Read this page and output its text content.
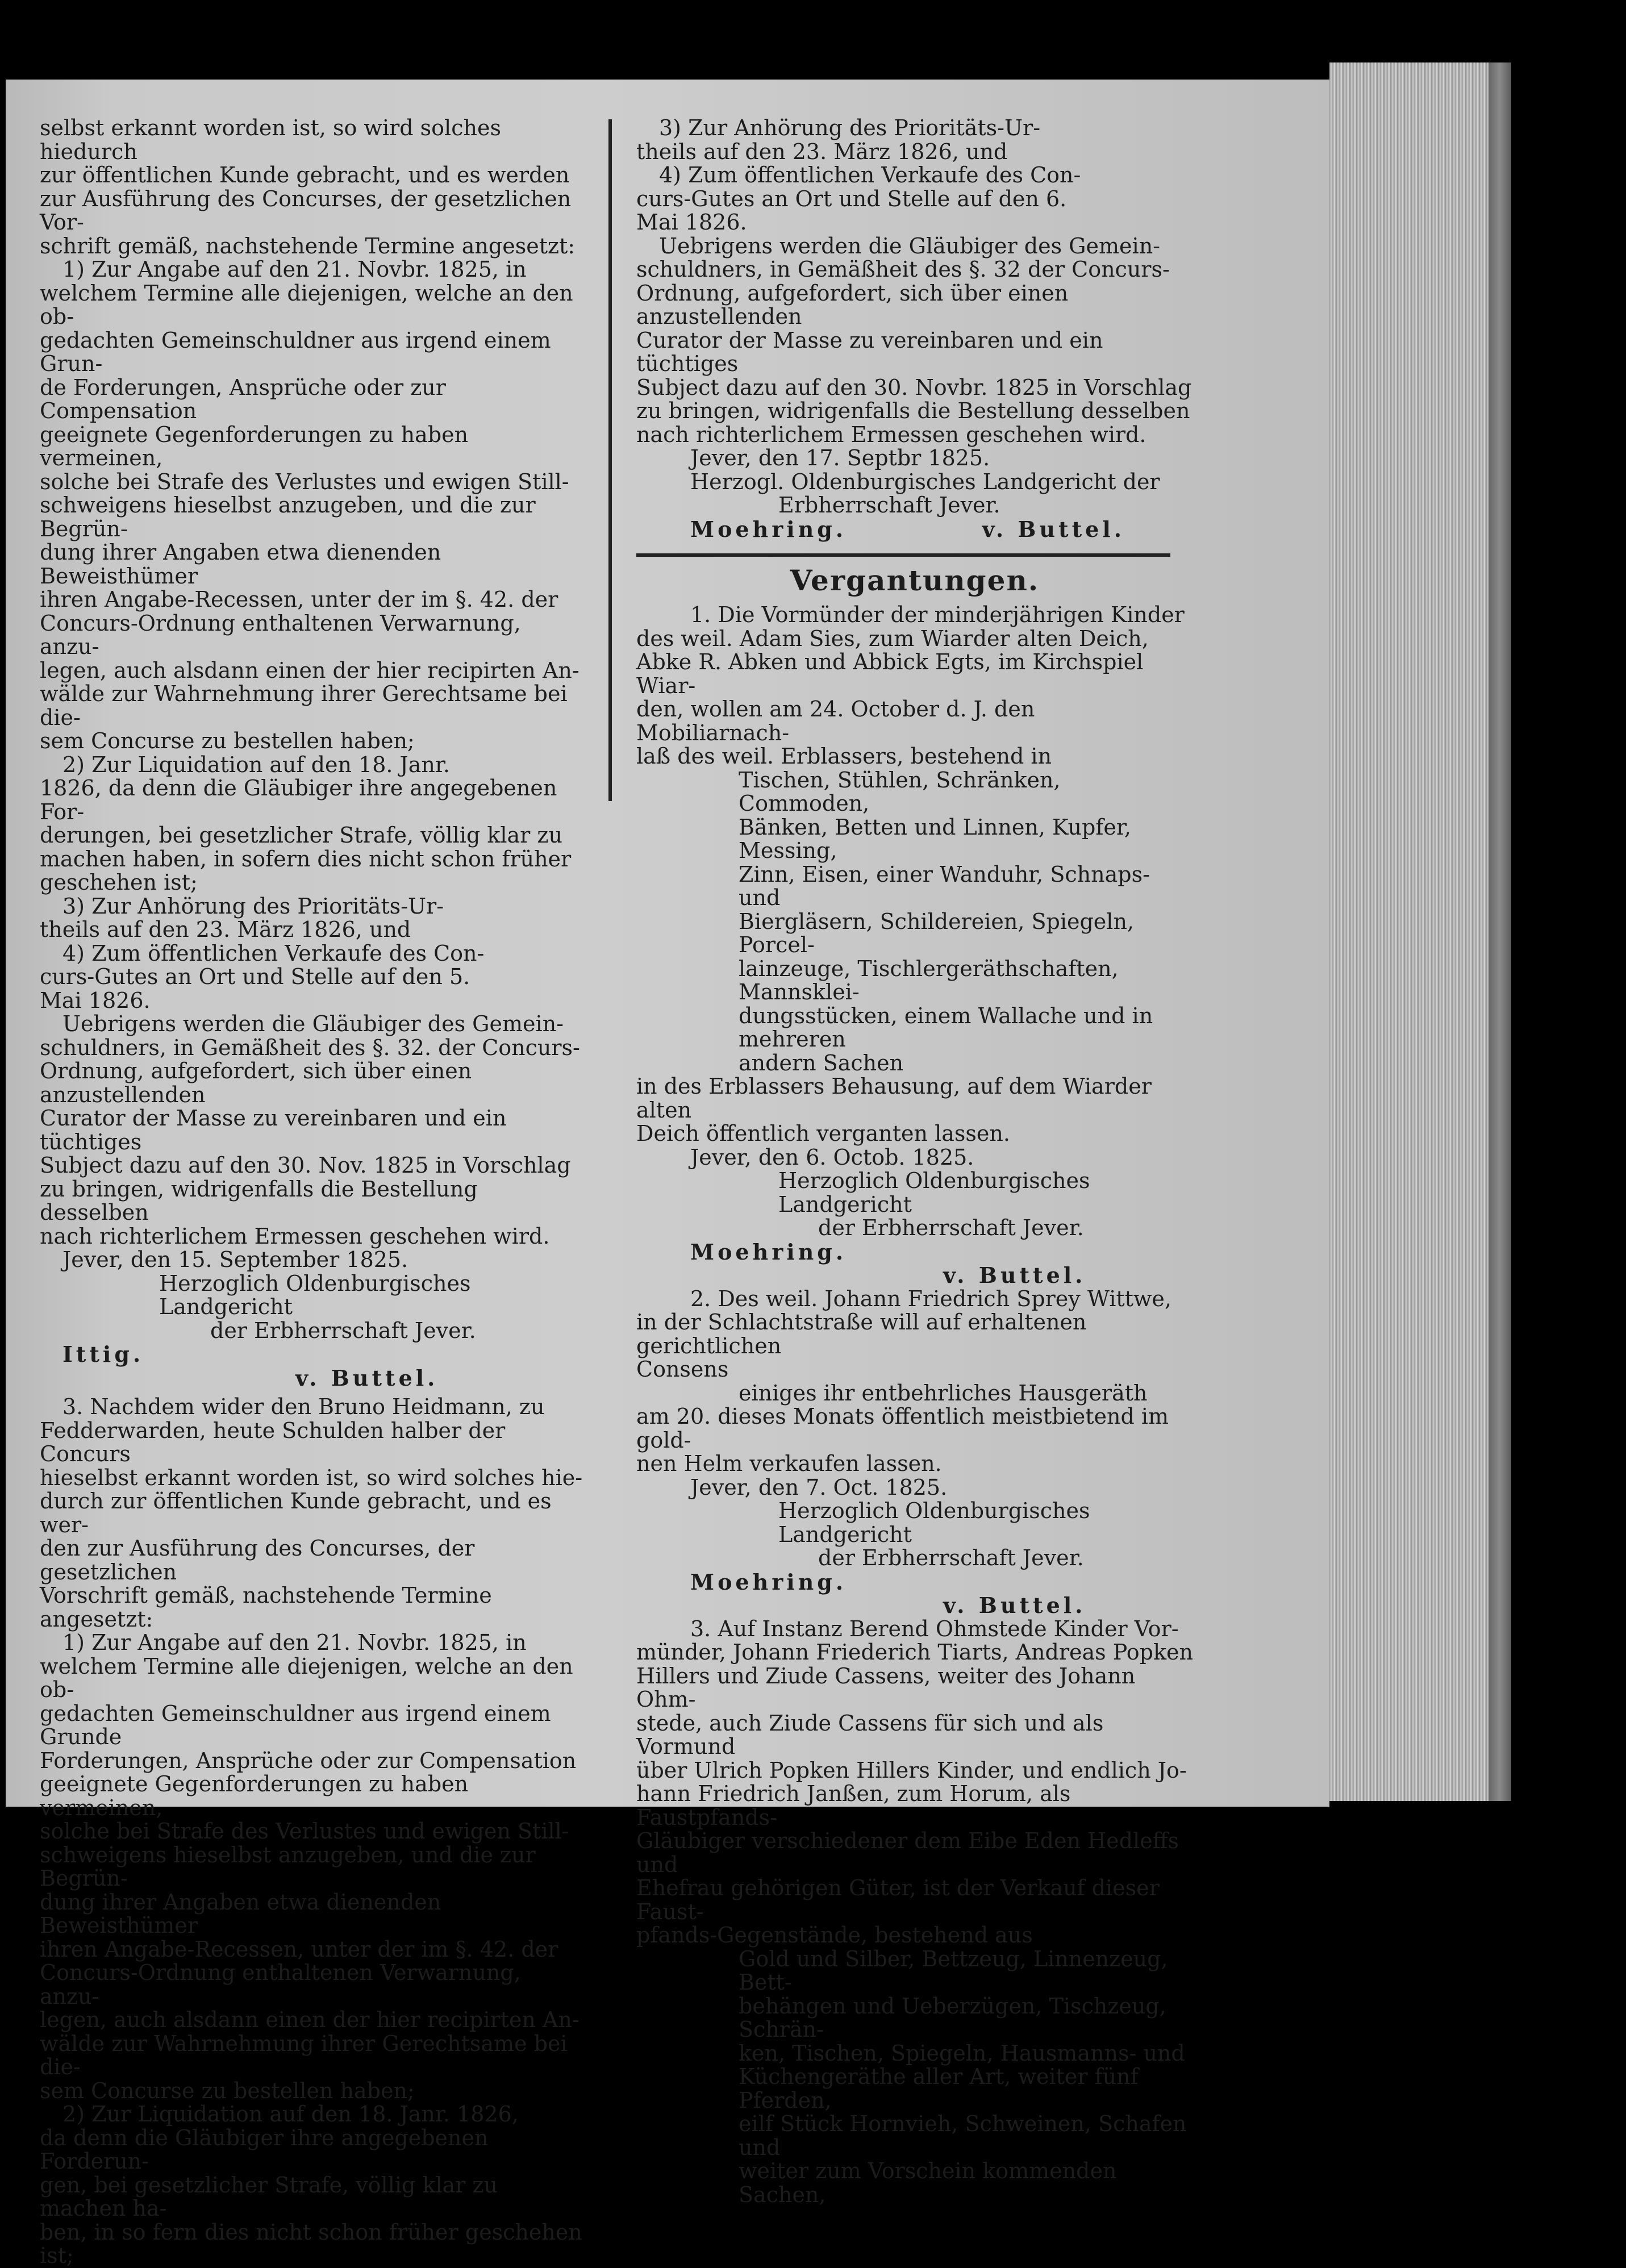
selbst erkannt worden ist, so wird solches hiedurch

zur öffentlichen Kunde gebracht, und es werden

zur Ausführung des Concurses, der gesetzlichen Vor-

schrift gemäß, nachstehende Termine angesetzt:

1) Zur Angabe auf den 21. Novbr. 1825, in

welchem Termine alle diejenigen, welche an den ob-

gedachten Gemeinschuldner aus irgend einem Grun-

de Forderungen, Ansprüche oder zur Compensation

geeignete Gegenforderungen zu haben vermeinen,

solche bei Strafe des Verlustes und ewigen Still-

schweigens hieselbst anzugeben, und die zur Begrün-

dung ihrer Angaben etwa dienenden Beweisthümer

ihren Angabe-Recessen, unter der im §. 42. der

Concurs-Ordnung enthaltenen Verwarnung, anzu-

legen, auch alsdann einen der hier recipirten An-

wälde zur Wahrnehmung ihrer Gerechtsame bei die-

sem Concurse zu bestellen haben;

2) Zur Liquidation auf den 18. Janr.

1826, da denn die Gläubiger ihre angegebenen For-

derungen, bei gesetzlicher Strafe, völlig klar zu

machen haben, in sofern dies nicht schon früher

geschehen ist;

3) Zur Anhörung des Prioritäts-Ur-

theils auf den 23. März 1826, und

4) Zum öffentlichen Verkaufe des Con-

curs-Gutes an Ort und Stelle auf den 5.

Mai 1826.

Uebrigens werden die Gläubiger des Gemein-

schuldners, in Gemäßheit des §. 32. der Concurs-

Ordnung, aufgefordert, sich über einen anzustellenden

Curator der Masse zu vereinbaren und ein tüchtiges

Subject dazu auf den 30. Nov. 1825 in Vorschlag

zu bringen, widrigenfalls die Bestellung desselben

nach richterlichem Ermessen geschehen wird.

Jever, den 15. September 1825.

Herzoglich Oldenburgisches Landgericht

der Erbherrschaft Jever.

Ittig.

v. Buttel.

3. Nachdem wider den Bruno Heidmann, zu

Fedderwarden, heute Schulden halber der Concurs

hieselbst erkannt worden ist, so wird solches hie-

durch zur öffentlichen Kunde gebracht, und es wer-

den zur Ausführung des Concurses, der gesetzlichen

Vorschrift gemäß, nachstehende Termine angesetzt:

1) Zur Angabe auf den 21. Novbr. 1825, in

welchem Termine alle diejenigen, welche an den ob-

gedachten Gemeinschuldner aus irgend einem Grunde

Forderungen, Ansprüche oder zur Compensation

geeignete Gegenforderungen zu haben vermeinen,

solche bei Strafe des Verlustes und ewigen Still-

schweigens hieselbst anzugeben, und die zur Begrün-

dung ihrer Angaben etwa dienenden Beweisthümer

ihren Angabe-Recessen, unter der im §. 42. der

Concurs-Ordnung enthaltenen Verwarnung, anzu-

legen, auch alsdann einen der hier recipirten An-

wälde zur Wahrnehmung ihrer Gerechtsame bei die-

sem Concurse zu bestellen haben;

2) Zur Liquidation auf den 18. Janr. 1826,

da denn die Gläubiger ihre angegebenen Forderun-

gen, bei gesetzlicher Strafe, völlig klar zu machen ha-

ben, in so fern dies nicht schon früher geschehen ist;

3) Zur Anhörung des Prioritäts-Ur-

theils auf den 23. März 1826, und

4) Zum öffentlichen Verkaufe des Con-

curs-Gutes an Ort und Stelle auf den 6.

Mai 1826.

Uebrigens werden die Gläubiger des Gemein-

schuldners, in Gemäßheit des §. 32 der Concurs-

Ordnung, aufgefordert, sich über einen anzustellenden

Curator der Masse zu vereinbaren und ein tüchtiges

Subject dazu auf den 30. Novbr. 1825 in Vorschlag

zu bringen, widrigenfalls die Bestellung desselben

nach richterlichem Ermessen geschehen wird.

Jever, den 17. Septbr 1825.

Herzogl. Oldenburgisches Landgericht der

Erbherrschaft Jever.

Moehring.	v. Buttel.
Vergantungen.

1. Die Vormünder der minderjährigen Kinder

des weil. Adam Sies, zum Wiarder alten Deich,

Abke R. Abken und Abbick Egts, im Kirchspiel Wiar-

den, wollen am 24. October d. J. den Mobiliarnach-

laß des weil. Erblassers, bestehend in

Tischen, Stühlen, Schränken, Commoden,

Bänken, Betten und Linnen, Kupfer, Messing,

Zinn, Eisen, einer Wanduhr, Schnaps- und

Biergläsern, Schildereien, Spiegeln, Porcel-

lainzeuge, Tischlergeräthschaften, Mannsklei-

dungsstücken, einem Wallache und in mehreren

andern Sachen

in des Erblassers Behausung, auf dem Wiarder alten

Deich öffentlich verganten lassen.

Jever, den 6. Octob. 1825.

Herzoglich Oldenburgisches Landgericht

der Erbherrschaft Jever.

Moehring.

v. Buttel.

2. Des weil. Johann Friedrich Sprey Wittwe,

in der Schlachtstraße will auf erhaltenen gerichtlichen

Consens

einiges ihr entbehrliches Hausgeräth

am 20. dieses Monats öffentlich meistbietend im gold-

nen Helm verkaufen lassen.

Jever, den 7. Oct. 1825.

Herzoglich Oldenburgisches Landgericht

der Erbherrschaft Jever.

Moehring.

v. Buttel.

3. Auf Instanz Berend Ohmstede Kinder Vor-

münder, Johann Friederich Tiarts, Andreas Popken

Hillers und Ziude Cassens, weiter des Johann Ohm-

stede, auch Ziude Cassens für sich und als Vormund

über Ulrich Popken Hillers Kinder, und endlich Jo-

hann Friedrich Janßen, zum Horum, als Faustpfands-

Gläubiger verschiedener dem Eibe Eden Hedleffs und

Ehefrau gehörigen Güter, ist der Verkauf dieser Faust-

pfands-Gegenstände, bestehend aus

Gold und Silber, Bettzeug, Linnenzeug, Bett-

behängen und Ueberzügen, Tischzeug, Schrän-

ken, Tischen, Spiegeln, Hausmanns- und

Küchengeräthe aller Art, weiter fünf Pferden,

eilf Stück Hornvieh, Schweinen, Schafen und

weiter zum Vorschein kommenden Sachen,
